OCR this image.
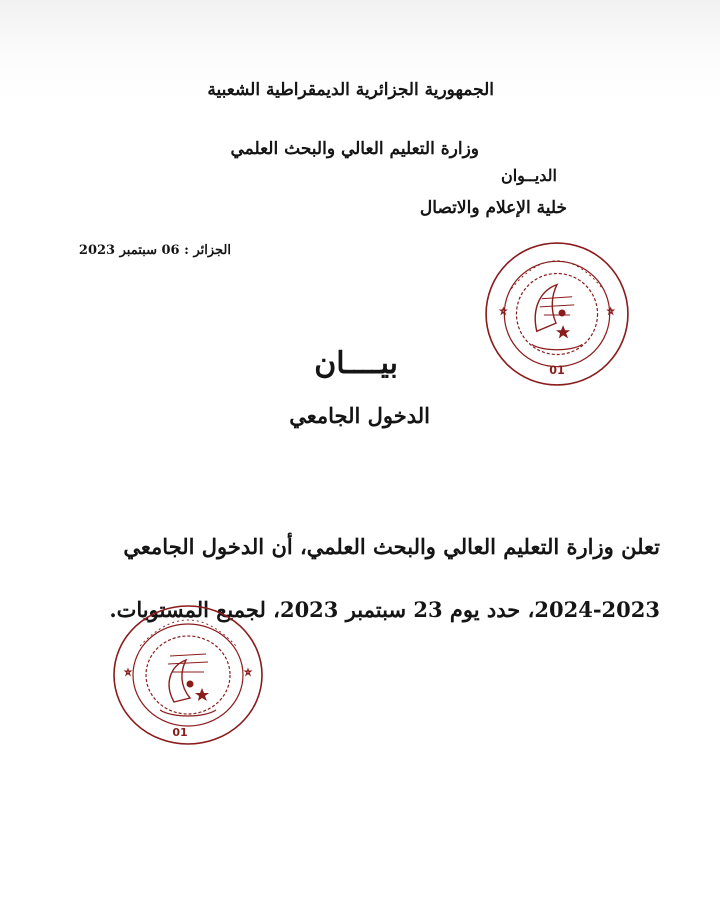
الجمهورية الجزائرية الديمقراطية الشعبية
وزارة التعليم العالي والبحث العلمي
الديــوان
خلية الإعلام والاتصال
الجزائر : 06 سبتمبر 2023
01
بيــــان
الدخول الجامعي
تعلن وزارة التعليم العالي والبحث العلمي، أن الدخول الجامعي
2024-2023، حدد يوم 23 سبتمبر 2023، لجميع المستويات.
01
